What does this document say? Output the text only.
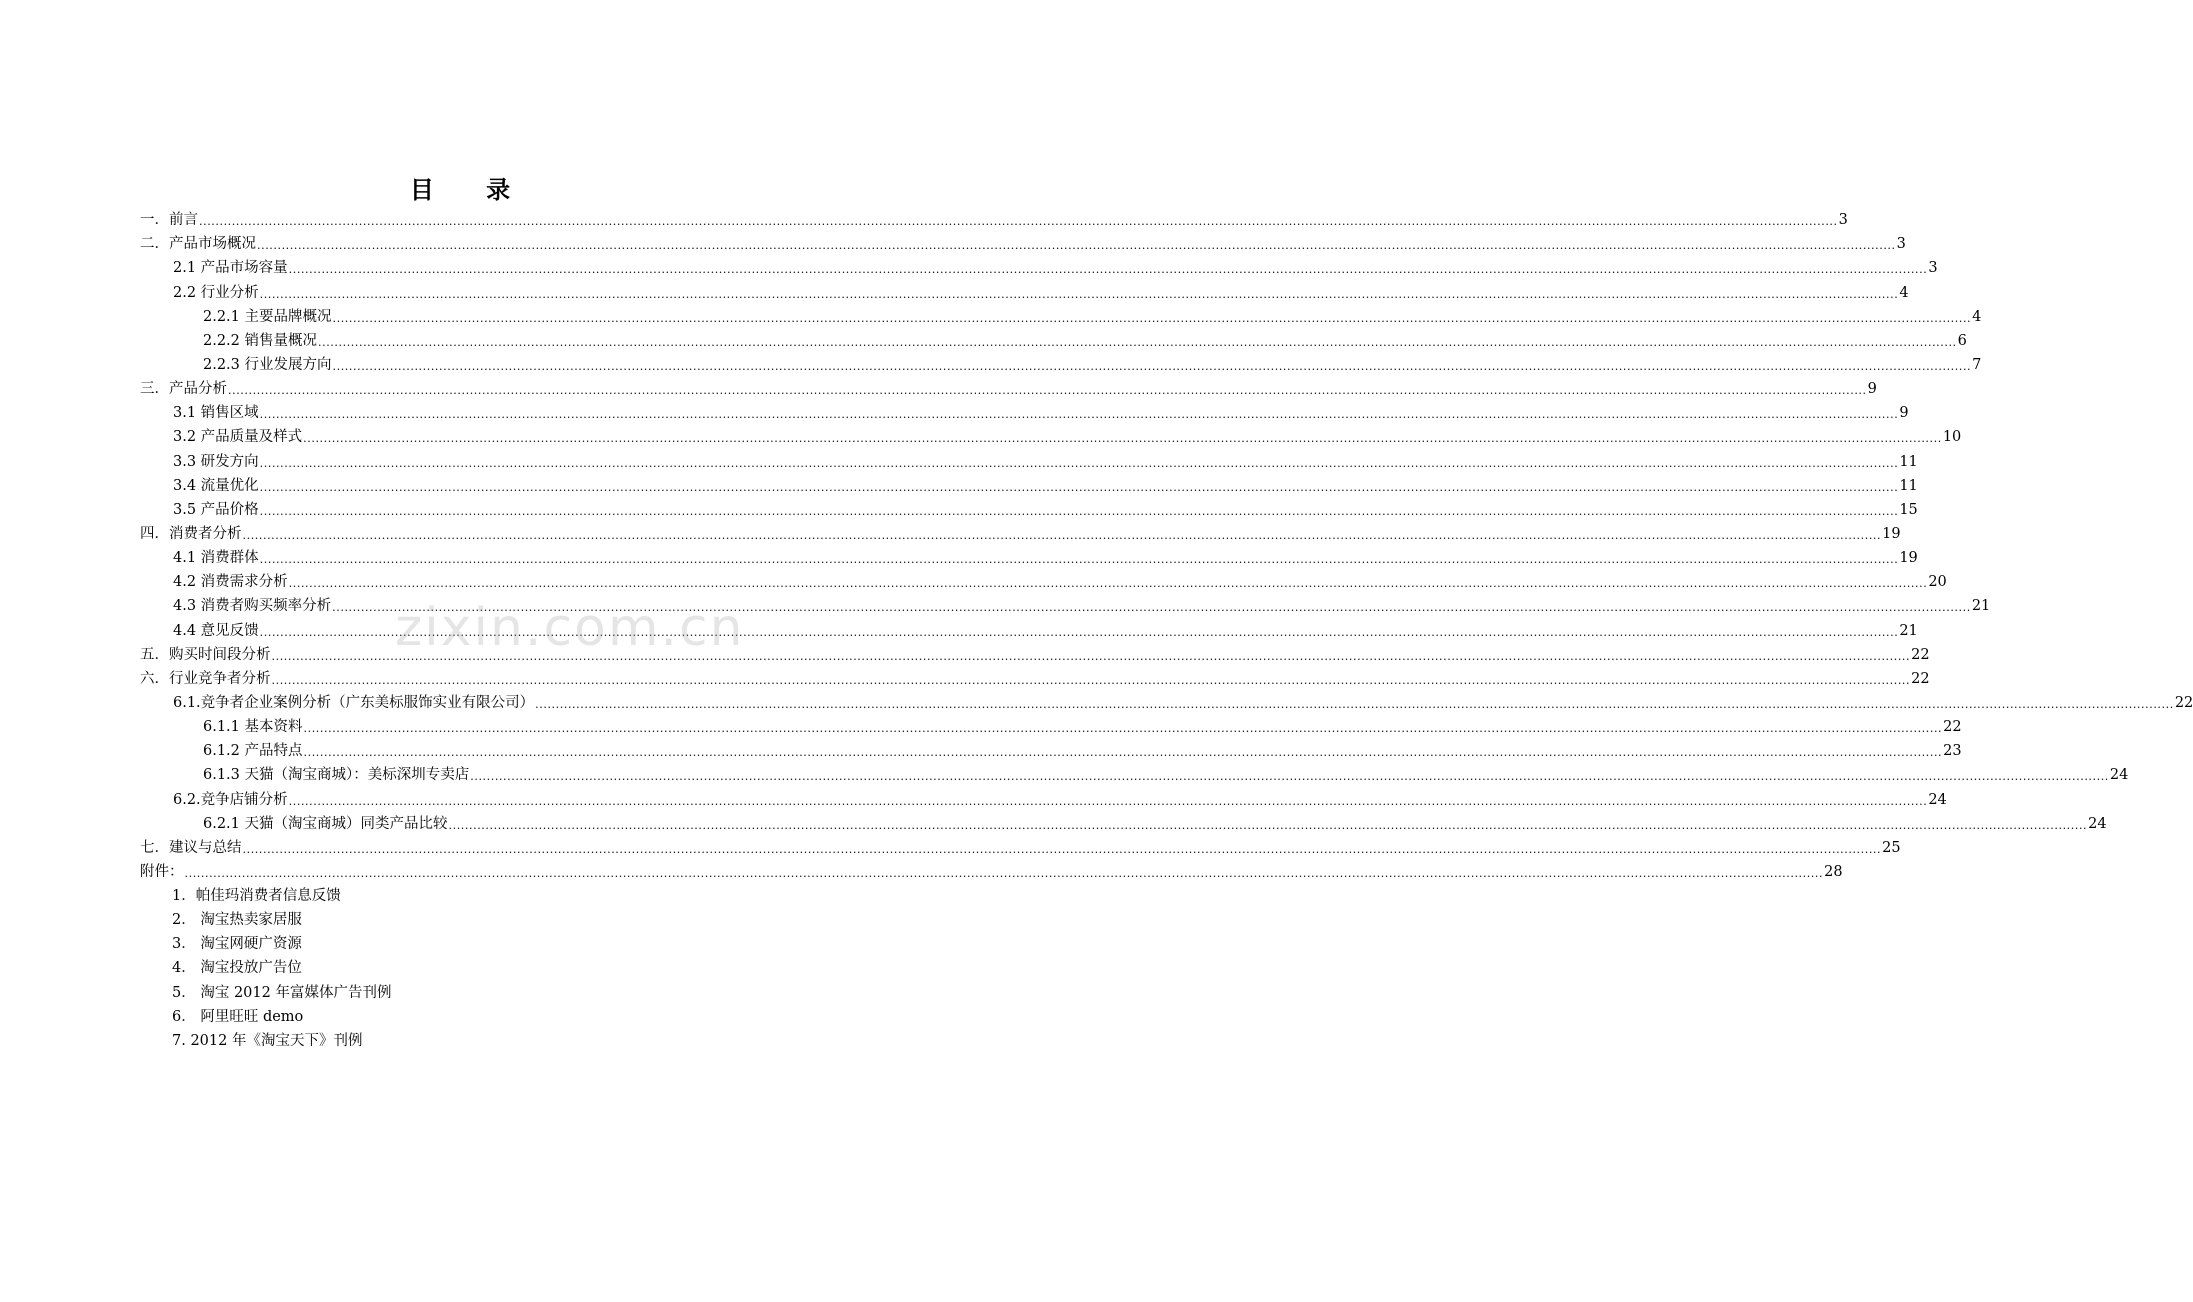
目 录
一．前言 ................................................................................................................................................................................................................................................................................................................................................................................................................ 3
二．产品市场概况 ................................................................................................................................................................................................................................................................................................................................................................................................................ 3
2.1 产品市场容量 ................................................................................................................................................................................................................................................................................................................................................................................................................ 3
2.2 行业分析 ................................................................................................................................................................................................................................................................................................................................................................................................................ 4
2.2.1 主要品牌概况 ................................................................................................................................................................................................................................................................................................................................................................................................................ 4
2.2.2 销售量概况 ................................................................................................................................................................................................................................................................................................................................................................................................................ 6
2.2.3 行业发展方向 ................................................................................................................................................................................................................................................................................................................................................................................................................ 7
三．产品分析 ................................................................................................................................................................................................................................................................................................................................................................................................................ 9
3.1 销售区域 ................................................................................................................................................................................................................................................................................................................................................................................................................ 9
3.2 产品质量及样式 ................................................................................................................................................................................................................................................................................................................................................................................................................ 10
3.3 研发方向 ................................................................................................................................................................................................................................................................................................................................................................................................................ 11
3.4 流量优化 ................................................................................................................................................................................................................................................................................................................................................................................................................ 11
3.5 产品价格 ................................................................................................................................................................................................................................................................................................................................................................................................................ 15
四．消费者分析 ................................................................................................................................................................................................................................................................................................................................................................................................................ 19
4.1 消费群体 ................................................................................................................................................................................................................................................................................................................................................................................................................ 19
4.2 消费需求分析 ................................................................................................................................................................................................................................................................................................................................................................................................................ 20
4.3 消费者购买频率分析 ................................................................................................................................................................................................................................................................................................................................................................................................................ 21
4.4 意见反馈 ................................................................................................................................................................................................................................................................................................................................................................................................................ 21
五．购买时间段分析 ................................................................................................................................................................................................................................................................................................................................................................................................................ 22
六．行业竞争者分析 ................................................................................................................................................................................................................................................................................................................................................................................................................ 22
6.1.竞争者企业案例分析（广东美标服饰实业有限公司） ................................................................................................................................................................................................................................................................................................................................................................................................................ 22
6.1.1 基本资料 ................................................................................................................................................................................................................................................................................................................................................................................................................ 22
6.1.2 产品特点 ................................................................................................................................................................................................................................................................................................................................................................................................................ 23
6.1.3 天猫（淘宝商城）：美标深圳专卖店 ................................................................................................................................................................................................................................................................................................................................................................................................................ 24
6.2.竞争店铺分析 ................................................................................................................................................................................................................................................................................................................................................................................................................ 24
6.2.1 天猫（淘宝商城）同类产品比较 ................................................................................................................................................................................................................................................................................................................................................................................................................ 24
七．建议与总结 ................................................................................................................................................................................................................................................................................................................................................................................................................ 25
附件： ................................................................................................................................................................................................................................................................................................................................................................................................................ 28
1．帕佳玛消费者信息反馈
2． 淘宝热卖家居服
3． 淘宝网硬广资源
4． 淘宝投放广告位
5． 淘宝 2012 年富媒体广告刊例
6． 阿里旺旺 demo
7. 2012 年《淘宝天下》刊例
zixin.com.cn
